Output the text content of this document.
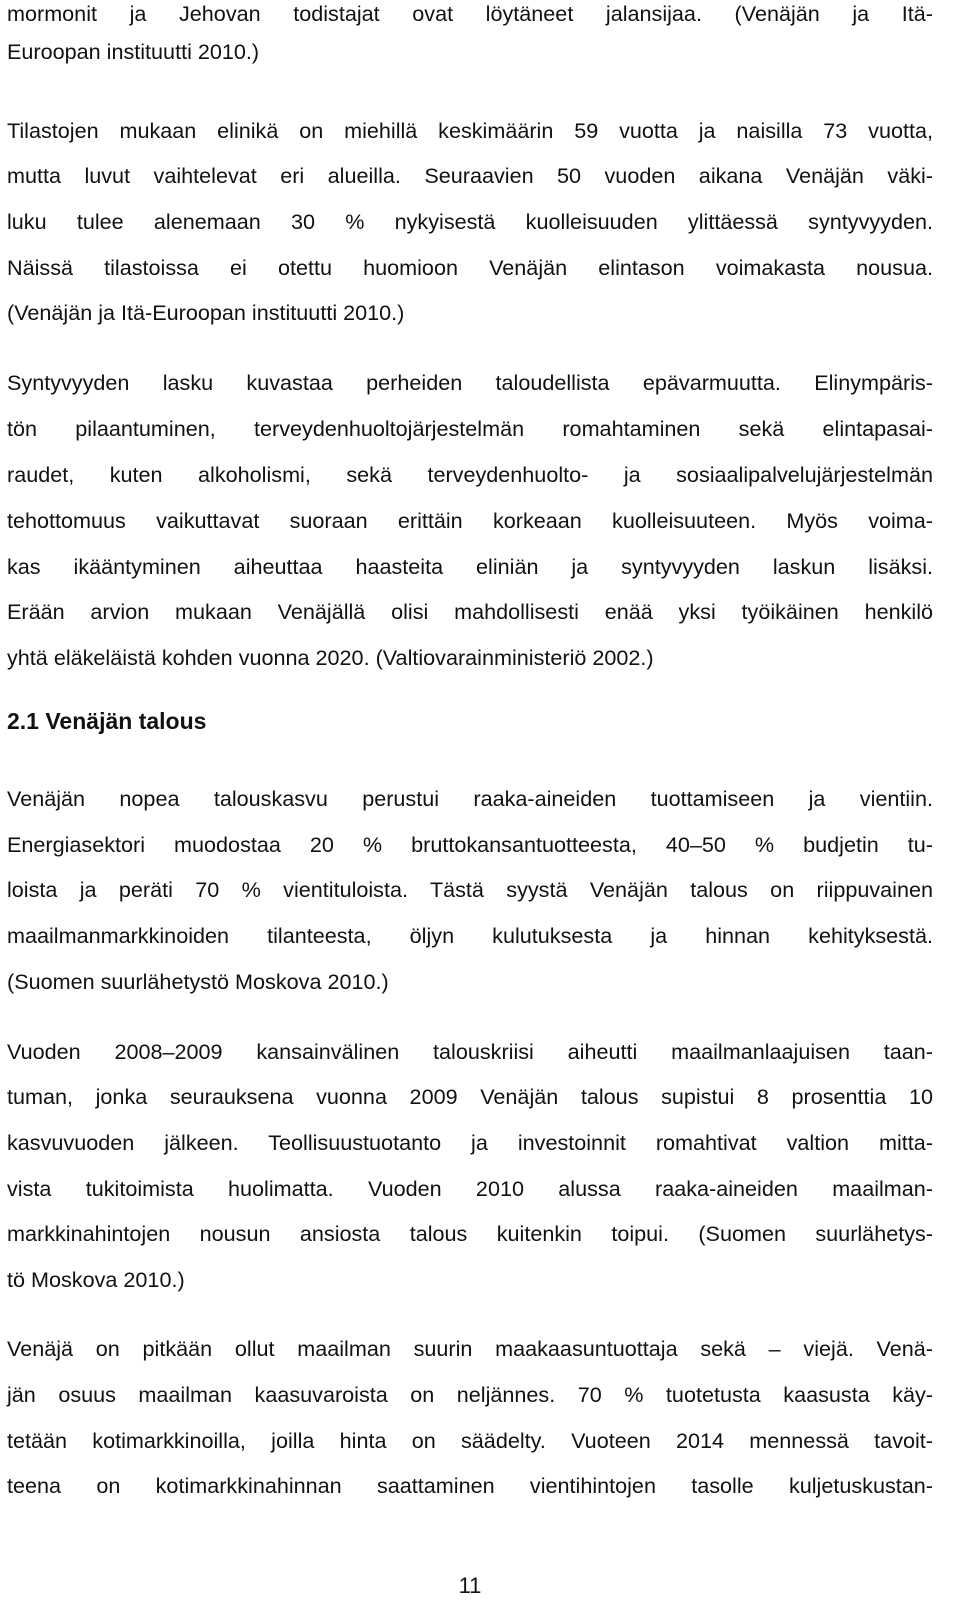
mormonit ja Jehovan todistajat ovat löytäneet jalansijaa. (Venäjän ja Itä-
Euroopan instituutti 2010.)
Tilastojen mukaan elinikä on miehillä keskimäärin 59 vuotta ja naisilla 73 vuotta,
mutta luvut vaihtelevat eri alueilla. Seuraavien 50 vuoden aikana Venäjän väki-
luku tulee alenemaan 30 % nykyisestä kuolleisuuden ylittäessä syntyvyyden.
Näissä tilastoissa ei otettu huomioon Venäjän elintason voimakasta nousua.
(Venäjän ja Itä-Euroopan instituutti 2010.)
Syntyvyyden lasku kuvastaa perheiden taloudellista epävarmuutta. Elinympäris-
tön pilaantuminen, terveydenhuoltojärjestelmän romahtaminen sekä elintapasai-
raudet, kuten alkoholismi, sekä terveydenhuolto- ja sosiaalipalvelujärjestelmän
tehottomuus vaikuttavat suoraan erittäin korkeaan kuolleisuuteen. Myös voima-
kas ikääntyminen aiheuttaa haasteita eliniän ja syntyvyyden laskun lisäksi.
Erään arvion mukaan Venäjällä olisi mahdollisesti enää yksi työikäinen henkilö
yhtä eläkeläistä kohden vuonna 2020. (Valtiovarainministeriö 2002.)
2.1 Venäjän talous
Venäjän nopea talouskasvu perustui raaka-aineiden tuottamiseen ja vientiin.
Energiasektori muodostaa 20 % bruttokansantuotteesta, 40–50 % budjetin tu-
loista ja peräti 70 % vientituloista. Tästä syystä Venäjän talous on riippuvainen
maailmanmarkkinoiden tilanteesta, öljyn kulutuksesta ja hinnan kehityksestä.
(Suomen suurlähetystö Moskova 2010.)
Vuoden 2008–2009 kansainvälinen talouskriisi aiheutti maailmanlaajuisen taan-
tuman, jonka seurauksena vuonna 2009 Venäjän talous supistui 8 prosenttia 10
kasvuvuoden jälkeen. Teollisuustuotanto ja investoinnit romahtivat valtion mitta-
vista tukitoimista huolimatta. Vuoden 2010 alussa raaka-aineiden maailman-
markkinahintojen nousun ansiosta talous kuitenkin toipui. (Suomen suurlähetys-
tö Moskova 2010.)
Venäjä on pitkään ollut maailman suurin maakaasuntuottaja sekä – viejä. Venä-
jän osuus maailman kaasuvaroista on neljännes. 70 % tuotetusta kaasusta käy-
tetään kotimarkkinoilla, joilla hinta on säädelty. Vuoteen 2014 mennessä tavoit-
teena on kotimarkkinahinnan saattaminen vientihintojen tasolle kuljetuskustan-
11
